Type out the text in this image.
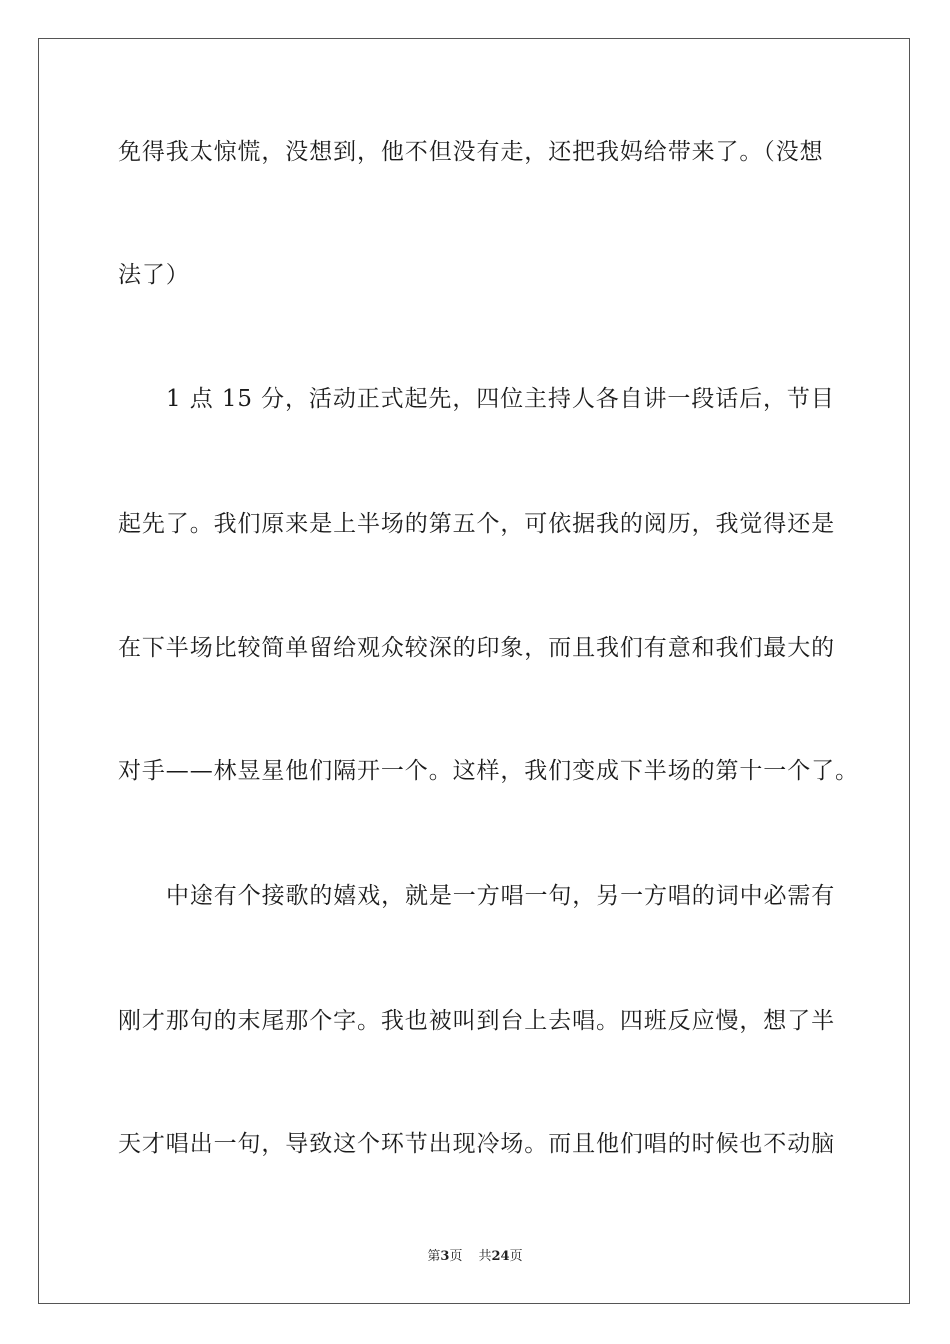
免得我太惊慌，没想到，他不但没有走，还把我妈给带来了。（没想
法了）
1 点 15 分，活动正式起先，四位主持人各自讲一段话后，节目
起先了。我们原来是上半场的第五个，可依据我的阅历，我觉得还是
在下半场比较简单留给观众较深的印象，而且我们有意和我们最大的
对手——林昱星他们隔开一个。这样，我们变成下半场的第十一个了。
中途有个接歌的嬉戏，就是一方唱一句，另一方唱的词中必需有
刚才那句的末尾那个字。我也被叫到台上去唱。四班反应慢，想了半
天才唱出一句，导致这个环节出现冷场。而且他们唱的时候也不动脑
第3页 共24页
